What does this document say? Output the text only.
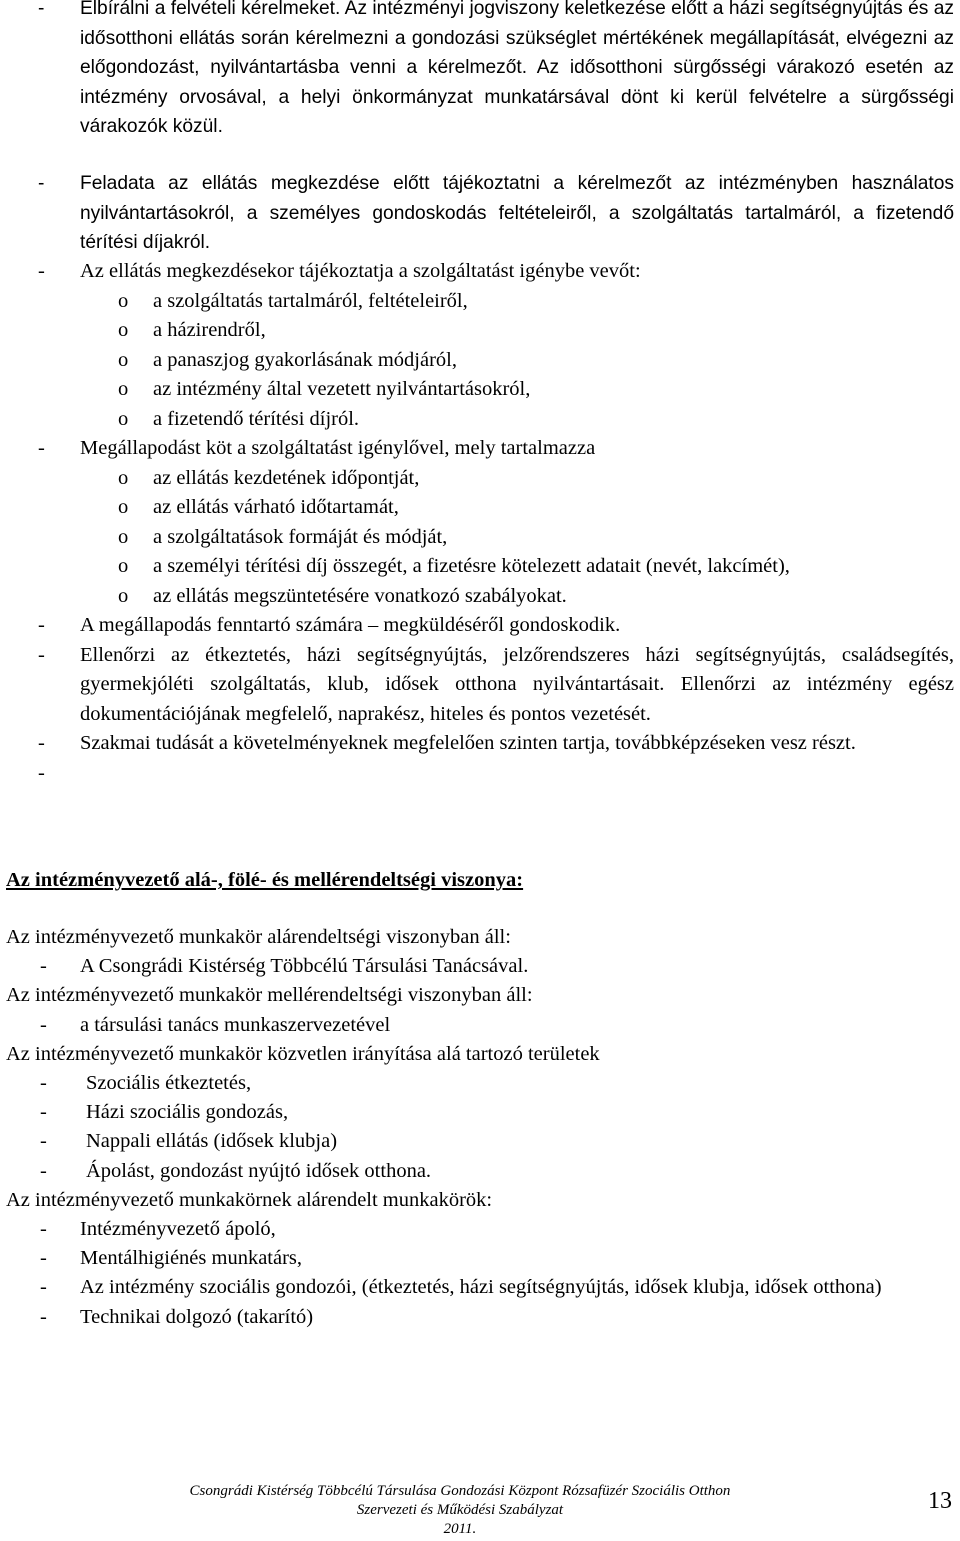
- Elbírálni a felvételi kérelmeket. Az intézményi jogviszony keletkezése előtt a házi segítségnyújtás és az idősotthoni ellátás során kérelmezni a gondozási szükséglet mértékének megállapítását, elvégezni az előgondozást, nyilvántartásba venni a kérelmezőt. Az idősotthoni sürgősségi várakozó esetén az intézmény orvosával, a helyi önkormányzat munkatársával dönt ki kerül felvételre a sürgősségi várakozók közül.
- Feladata az ellátás megkezdése előtt tájékoztatni a kérelmezőt az intézményben használatos nyilvántartásokról, a személyes gondoskodás feltételeiről, a szolgáltatás tartalmáról, a fizetendő térítési díjakról.
- Az ellátás megkezdésekor tájékoztatja a szolgáltatást igénybe vevőt:
o a szolgáltatás tartalmáról, feltételeiről,
o a házirendről,
o a panaszjog gyakorlásának módjáról,
o az intézmény által vezetett nyilvántartásokról,
o a fizetendő térítési díjról.
- Megállapodást köt a szolgáltatást igénylővel, mely tartalmazza
o az ellátás kezdetének időpontját,
o az ellátás várható időtartamát,
o a szolgáltatások formáját és módját,
o a személyi térítési díj összegét, a fizetésre kötelezett adatait (nevét, lakcímét),
o az ellátás megszüntetésére vonatkozó szabályokat.
- A megállapodás fenntartó számára – megküldéséről gondoskodik.
- Ellenőrzi az étkeztetés, házi segítségnyújtás, jelzőrendszeres házi segítségnyújtás, családsegítés, gyermekjóléti szolgáltatás, klub, idősek otthona nyilvántartásait. Ellenőrzi az intézmény egész dokumentációjának megfelelő, naprakész, hiteles és pontos vezetését.
- Szakmai tudását a követelményeknek megfelelően szinten tartja, továbbképzéseken vesz részt.
-
Az intézményvezető alá-, fölé- és mellérendeltségi viszonya:
Az intézményvezető munkakör alárendeltségi viszonyban áll:
- A Csongrádi Kistérség Többcélú Társulási Tanácsával.
Az intézményvezető munkakör mellérendeltségi viszonyban áll:
- a társulási tanács munkaszervezetével
Az intézményvezető munkakör közvetlen irányítása alá tartozó területek
- Szociális étkeztetés,
- Házi szociális gondozás,
- Nappali ellátás (idősek klubja)
- Ápolást, gondozást nyújtó idősek otthona.
Az intézményvezető munkakörnek alárendelt munkakörök:
- Intézményvezető ápoló,
- Mentálhigiénés munkatárs,
- Az intézmény szociális gondozói, (étkeztetés, házi segítségnyújtás, idősek klubja, idősek otthona)
- Technikai dolgozó (takarító)
Csongrádi Kistérség Többcélú Társulása Gondozási Központ Rózsafüzér Szociális Otthon
Szervezeti és Működési Szabályzat
2011.
13
